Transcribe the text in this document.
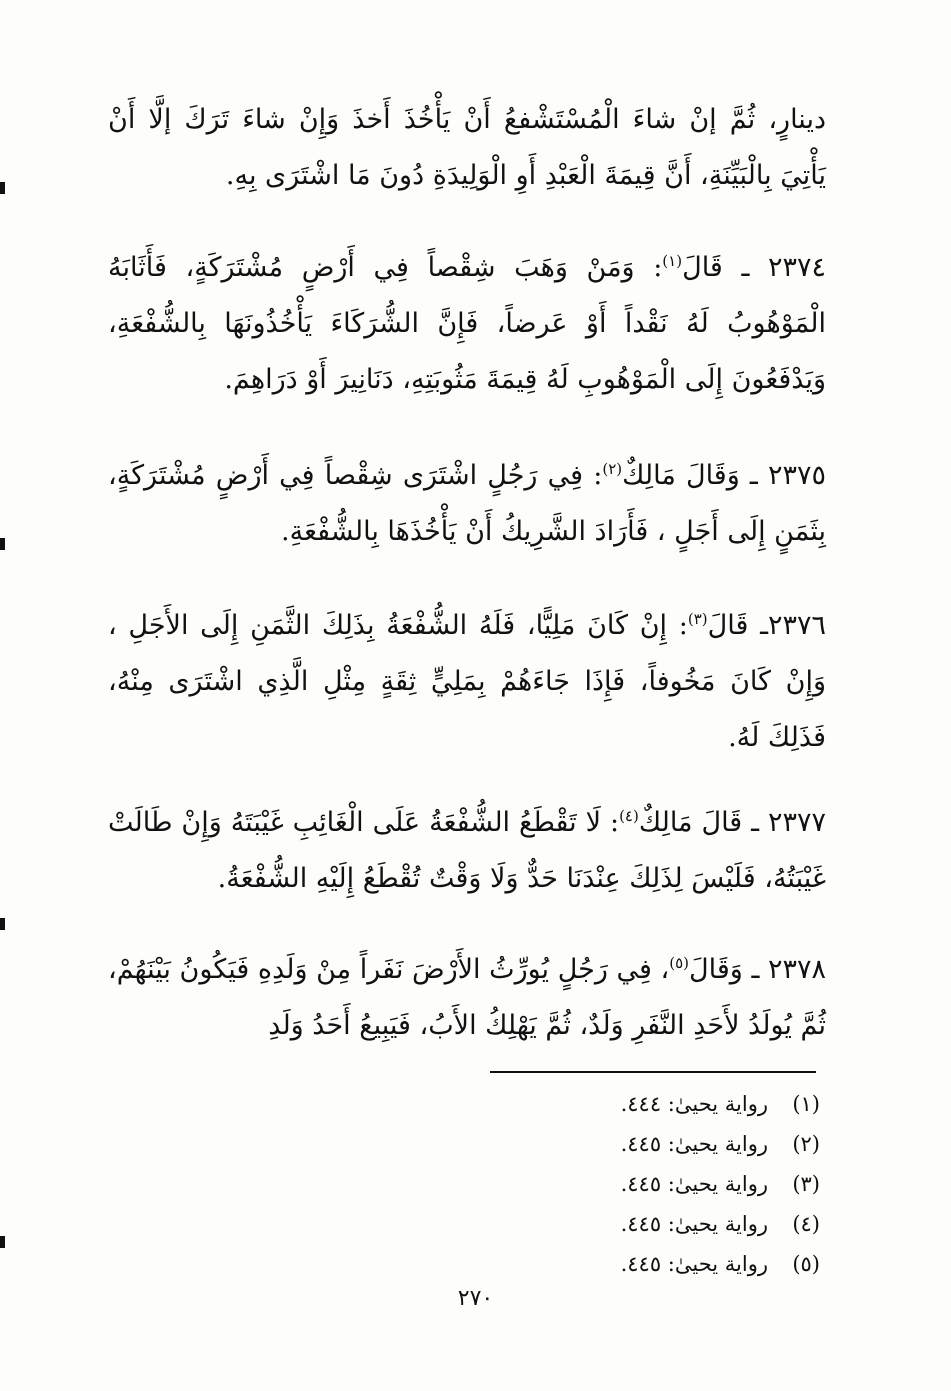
دينارٍ، ثُمَّ إنْ شاءَ الْمُسْتَشْفعُ أَنْ يَأْخُذَ أَخذَ وَإِنْ شاءَ تَرَكَ إلَّا أَنْ يَأْتِيَ بِالْبَيِّنَةِ، أَنَّ قِيمَةَ الْعَبْدِ أَوِ الْوَلِيدَةِ دُونَ مَا اشْتَرَى بِهِ.

٢٣٧٤ ـ قَالَ$^{(١)}$: وَمَنْ وَهَبَ شِقْصاً فِي أَرْضٍ مُشْتَرَكَةٍ، فَأَثَابَهُ الْمَوْهُوبُ لَهُ نَقْداً أَوْ عَرضاً، فَإِنَّ الشُّرَكَاءَ يَأْخُذُونَهَا بِالشُّفْعَةِ، وَيَدْفَعُونَ إِلَى الْمَوْهُوبِ لَهُ قِيمَةَ مَثُوبَتِهِ، دَنَانِيرَ أَوْ دَرَاهِمَ.

٢٣٧٥ ـ وَقَالَ مَالِكٌ$^{(٢)}$: فِي رَجُلٍ اشْتَرَى شِقْصاً فِي أَرْضٍ مُشْتَرَكَةٍ، بِثَمَنٍ إِلَى أَجَلٍ ، فَأَرَادَ الشَّرِيكُ أَنْ يَأْخُذَهَا بِالشُّفْعَةِ.

٢٣٧٦ـ قَالَ$^{(٣)}$: إِنْ كَانَ مَلِيًّا، فَلَهُ الشُّفْعَةُ بِذَلِكَ الثَّمَنِ إِلَى الأَجَلِ ، وَإِنْ كَانَ مَخُوفاً، فَإِذَا جَاءَهُمْ بِمَلِيٍّ ثِقَةٍ مِثْلِ الَّذِي اشْتَرَى مِنْهُ، فَذَلِكَ لَهُ.

٢٣٧٧ ـ قَالَ مَالِكٌ$^{(٤)}$: لَا تَقْطَعُ الشُّفْعَةُ عَلَى الْغَائِبِ غَيْبَتَهُ وَإِنْ طَالَتْ غَيْبَتُهُ، فَلَيْسَ لِذَلِكَ عِنْدَنَا حَدٌّ وَلَا وَقْتٌ تُقْطَعُ إِلَيْهِ الشُّفْعَةُ.

٢٣٧٨ ـ وَقَالَ$^{(٥)}$، فِي رَجُلٍ يُورِّثُ الأَرْضَ نَفَراً مِنْ وَلَدِهِ فَيَكُونُ بَيْنَهُمْ، ثُمَّ يُولَدُ لأَحَدِ النَّفَرِ وَلَدٌ، ثُمَّ يَهْلِكُ الأَبُ، فَيَبِيعُ أَحَدُ وَلَدِ

(١)
رواية يحيىٰ: ٤٤٤.
(٢)
رواية يحيىٰ: ٤٤٥.
(٣)
رواية يحيىٰ: ٤٤٥.
(٤)
رواية يحيىٰ: ٤٤٥.
(٥)
رواية يحيىٰ: ٤٤٥.
٢٧٠
